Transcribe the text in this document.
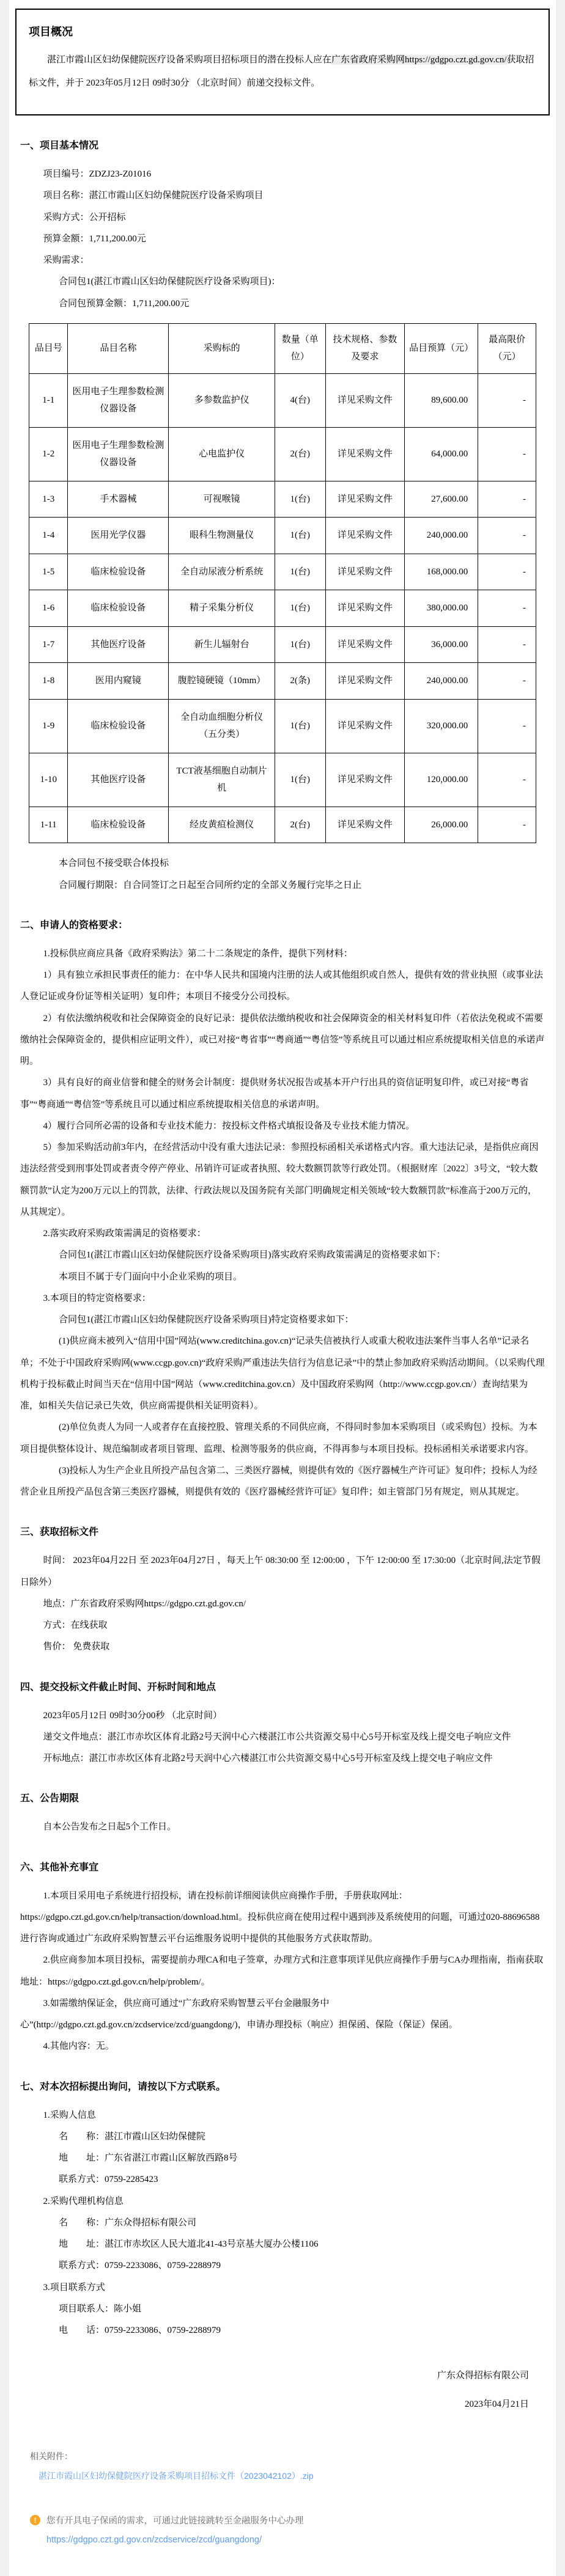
项目概况

湛江市霞山区妇幼保健院医疗设备采购项目招标项目的潜在投标人应在广东省政府采购网https://gdgpo.czt.gd.gov.cn/获取招标文件，并于 2023年05月12日 09时30分 （北京时间）前递交投标文件。

一、项目基本情况

项目编号：ZDZJ23-Z01016

项目名称：湛江市霞山区妇幼保健院医疗设备采购项目

采购方式：公开招标

预算金额：1,711,200.00元

采购需求：

合同包1(湛江市霞山区妇幼保健院医疗设备采购项目)：

合同包预算金额：1,711,200.00元

品目号	品目名称	采购标的	数量（单位）	技术规格、参数及要求	品目预算（元）	最高限价（元）
1-1	医用电子生理参数检测仪器设备	多参数监护仪	4(台)	详见采购文件	89,600.00	-
1-2	医用电子生理参数检测仪器设备	心电监护仪	2(台)	详见采购文件	64,000.00	-
1-3	手术器械	可视喉镜	1(台)	详见采购文件	27,600.00	-
1-4	医用光学仪器	眼科生物测量仪	1(台)	详见采购文件	240,000.00	-
1-5	临床检验设备	全自动尿液分析系统	1(台)	详见采购文件	168,000.00	-
1-6	临床检验设备	精子采集分析仪	1(台)	详见采购文件	380,000.00	-
1-7	其他医疗设备	新生儿辐射台	1(台)	详见采购文件	36,000.00	-
1-8	医用内窥镜	腹腔镜硬镜（10mm）	2(条)	详见采购文件	240,000.00	-
1-9	临床检验设备	全自动血细胞分析仪（五分类）	1(台)	详见采购文件	320,000.00	-
1-10	其他医疗设备	TCT液基细胞自动制片机	1(台)	详见采购文件	120,000.00	-
1-11	临床检验设备	经皮黄疸检测仪	2(台)	详见采购文件	26,000.00	-

本合同包不接受联合体投标

合同履行期限：自合同签订之日起至合同所约定的全部义务履行完毕之日止

二、申请人的资格要求：

1.投标供应商应具备《政府采购法》第二十二条规定的条件，提供下列材料：

1）具有独立承担民事责任的能力：在中华人民共和国境内注册的法人或其他组织或自然人，提供有效的营业执照（或事业法人登记证或身份证等相关证明）复印件；本项目不接受分公司投标。

2）有依法缴纳税收和社会保障资金的良好记录：提供依法缴纳税收和社会保障资金的相关材料复印件（若依法免税或不需要缴纳社会保障资金的，提供相应证明文件），或已对接“粤省事”“粤商通”“粤信签”等系统且可以通过相应系统提取相关信息的承诺声明。

3）具有良好的商业信誉和健全的财务会计制度：提供财务状况报告或基本开户行出具的资信证明复印件，或已对接“粤省事”“粤商通”“粤信签”等系统且可以通过相应系统提取相关信息的承诺声明。

4）履行合同所必需的设备和专业技术能力：按投标文件格式填报设备及专业技术能力情况。

5）参加采购活动前3年内，在经营活动中没有重大违法记录：参照投标函相关承诺格式内容。重大违法记录，是指供应商因违法经营受到刑事处罚或者责令停产停业、吊销许可证或者执照、较大数额罚款等行政处罚。（根据财库〔2022〕3号文，“较大数额罚款”认定为200万元以上的罚款，法律、行政法规以及国务院有关部门明确规定相关领域“较大数额罚款”标准高于200万元的，从其规定）。

2.落实政府采购政策需满足的资格要求：

合同包1(湛江市霞山区妇幼保健院医疗设备采购项目)落实政府采购政策需满足的资格要求如下：

本项目不属于专门面向中小企业采购的项目。

3.本项目的特定资格要求：

合同包1(湛江市霞山区妇幼保健院医疗设备采购项目)特定资格要求如下：

(1)供应商未被列入“信用中国”网站(www.creditchina.gov.cn)“记录失信被执行人或重大税收违法案件当事人名单”记录名单；不处于中国政府采购网(www.ccgp.gov.cn)“政府采购严重违法失信行为信息记录”中的禁止参加政府采购活动期间。（以采购代理机构于投标截止时间当天在“信用中国”网站（www.creditchina.gov.cn）及中国政府采购网（http://www.ccgp.gov.cn/）查询结果为准，如相关失信记录已失效，供应商需提供相关证明资料）。

(2)单位负责人为同一人或者存在直接控股、管理关系的不同供应商，不得同时参加本采购项目（或采购包）投标。为本项目提供整体设计、规范编制或者项目管理、监理、检测等服务的供应商，不得再参与本项目投标。投标函相关承诺要求内容。

(3)投标人为生产企业且所投产品包含第二、三类医疗器械，则提供有效的《医疗器械生产许可证》复印件；投标人为经营企业且所投产品包含第三类医疗器械，则提供有效的《医疗器械经营许可证》复印件；如主管部门另有规定，则从其规定。

三、获取招标文件

时间： 2023年04月22日 至 2023年04月27日 ，每天上午 08:30:00 至 12:00:00 ，下午 12:00:00 至 17:30:00（北京时间,法定节假日除外）

地点：广东省政府采购网https://gdgpo.czt.gd.gov.cn/

方式：在线获取

售价： 免费获取

四、提交投标文件截止时间、开标时间和地点

2023年05月12日 09时30分00秒 （北京时间）

递交文件地点：湛江市赤坎区体育北路2号天润中心六楼湛江市公共资源交易中心5号开标室及线上提交电子响应文件

开标地点：湛江市赤坎区体育北路2号天润中心六楼湛江市公共资源交易中心5号开标室及线上提交电子响应文件

五、公告期限

自本公告发布之日起5个工作日。

六、其他补充事宜

1.本项目采用电子系统进行招投标，请在投标前详细阅读供应商操作手册，手册获取网址：https://gdgpo.czt.gd.gov.cn/help/transaction/download.html。投标供应商在使用过程中遇到涉及系统使用的问题，可通过020-88696588 进行咨询或通过广东政府采购智慧云平台运维服务说明中提供的其他服务方式获取帮助。

2.供应商参加本项目投标，需要提前办理CA和电子签章，办理方式和注意事项详见供应商操作手册与CA办理指南，指南获取地址：https://gdgpo.czt.gd.gov.cn/help/problem/。

3.如需缴纳保证金，供应商可通过“广东政府采购智慧云平台金融服务中心”(http://gdgpo.czt.gd.gov.cn/zcdservice/zcd/guangdong/)，申请办理投标（响应）担保函、保险（保证）保函。

4.其他内容：无。

七、对本次招标提出询问，请按以下方式联系。

1.采购人信息

名　　称：湛江市霞山区妇幼保健院

地　　址：广东省湛江市霞山区解放西路8号

联系方式：0759-2285423

2.采购代理机构信息

名　　称：广东众得招标有限公司

地　　址：湛江市赤坎区人民大道北41-43号京基大厦办公楼1106

联系方式：0759-2233086、0759-2288979

3.项目联系方式

项目联系人：陈小姐

电　　话：0759-2233086、0759-2288979

广东众得招标有限公司

2023年04月21日

相关附件：
湛江市霞山区妇幼保健院医疗设备采购项目招标文件（2023042102）.zip
!	您有开具电子保函的需求，可通过此链接跳转至金融服务中心办理
https://gdgpo.czt.gd.gov.cn/zcdservice/zcd/guangdong/
